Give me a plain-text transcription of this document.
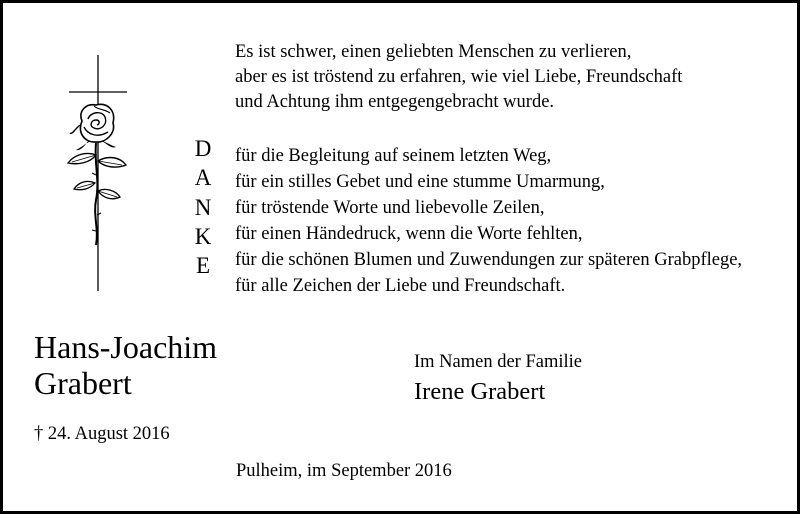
Es ist schwer, einen geliebten Menschen zu verlieren,
aber es ist tröstend zu erfahren, wie viel Liebe, Freundschaft
und Achtung ihm entgegengebracht wurde.
D
A
N
K
E
für die Begleitung auf seinem letzten Weg,
für ein stilles Gebet und eine stumme Umarmung,
für tröstende Worte und liebevolle Zeilen,
für einen Händedruck, wenn die Worte fehlten,
für die schönen Blumen und Zuwendungen zur späteren Grabpflege,
für alle Zeichen der Liebe und Freundschaft.
Hans-Joachim
Grabert
† 24. August 2016
Im Namen der Familie
Irene Grabert
Pulheim, im September 2016
